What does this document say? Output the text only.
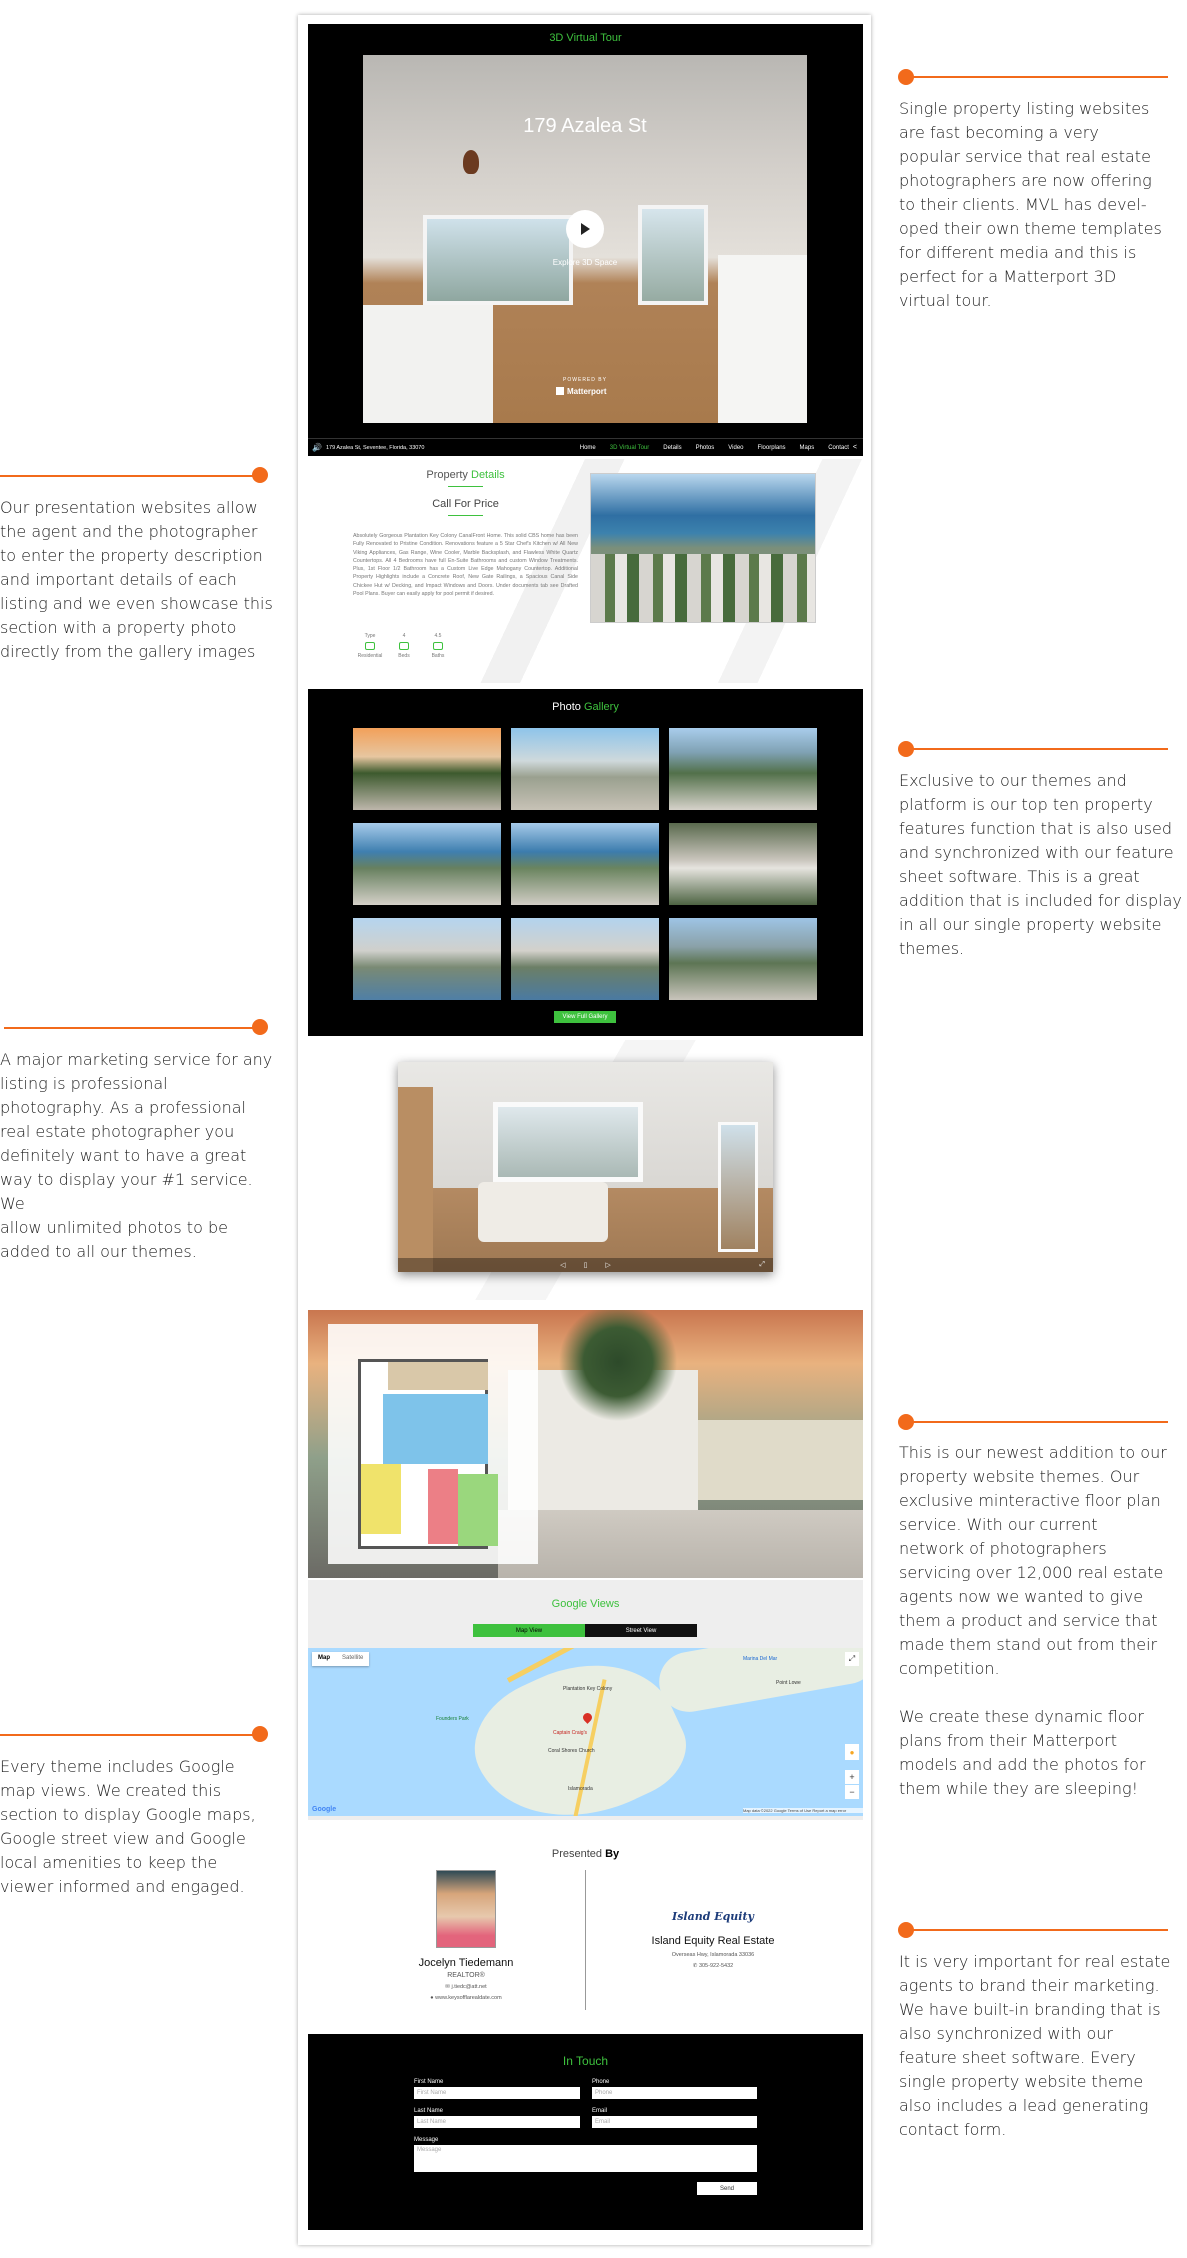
Single property listing websites

are fast becoming a very

popular service that real estate

photographers are now offering

to their clients. MVL has devel-

oped their own theme templates

for different media and this is

perfect for a Matterport 3D

virtual tour.

Our presentation websites allow

the agent and the photographer

to enter the property description

and important details of each

listing and we even showcase this

section with a property photo

directly from the gallery images

Exclusive to our themes and

platform is our top ten property

features function that is also used

and synchronized with our feature

sheet software. This is a great

addition that is included for display

in all our single property website

themes.

A major marketing service for any

listing is professional

photography. As a professional

real estate photographer you

definitely want to have a great

way to display your #1 service. We

allow unlimited photos to be

added to all our themes.

This is our newest addition to our

property website themes. Our

exclusive minteractive floor plan

service. With our current

network of photographers

servicing over 12,000 real estate

agents now we wanted to give

them a product and service that

made them stand out from their

competition.

We create these dynamic floor

plans from their Matterport

models and add the photos for

them while they are sleeping!

Every theme includes Google

map views. We created this

section to display Google maps,

Google street view and Google

local amenities to keep the

viewer informed and engaged.

It is very important for real estate

agents to brand their marketing.

We have built-in branding that is

also synchronized with our

feature sheet software. Every

single property website theme

also includes a lead generating

contact form.

3D Virtual Tour
179 Azalea St
Explore 3D Space
POWERED BY
Matterport
🔊 179 Azalea St, Seventee, Florida, 33070	Home 3D Virtual Tour Details Photos Video Floorplans Maps Contact <
Property Details
Call For Price
Absolutely Gorgeous Plantation Key Colony CanalFront Home. This solid CBS home has been Fully Renovated to Pristine Condition. Renovations feature a 5 Star Chef's Kitchen w/ All New Viking Appliances, Gas Range, Wine Cooler, Marble Backsplash, and Flawless White Quartz Countertops. All 4 Bedrooms have full En-Suite Bathrooms and custom Window Treatments. Plus, 1st Floor 1/2 Bathroom has a Custom Live Edge Mahogany Countertop. Additional Property Highlights include a Concrete Roof, New Gate Railings, a Spacious Canal Side Chickee Hut w/ Decking, and Impact Windows and Doors. Under documents tab see Drafted Pool Plans. Buyer can easily apply for pool permit if desired.
Type
Residential
4
Beds
4.5
Baths
Photo Gallery
View Full Gallery
◁	▯	▷	⤢
Google Views
Map View	Street View
Plantation Key Colony
Captain Craig's
Coral Shores Church
Point Lowe
Marina Del Mar
Founders Park
Islamorada
Map	Satellite	⤢
●
+
−
Google	Map data ©2022 Google Terms of Use Report a map error
Presented By
Jocelyn Tiedemann
REALTOR®
✉ j.tiedc@att.net
● www.keysofflarealdate.com
Island Equity
Island Equity Real Estate
Overseas Hwy, Islamorada 33036
✆ 305-922-5432
In Touch
First Name
First Name
Phone
Phone
Last Name
Last Name
Email
Email
Message
Message
Send
